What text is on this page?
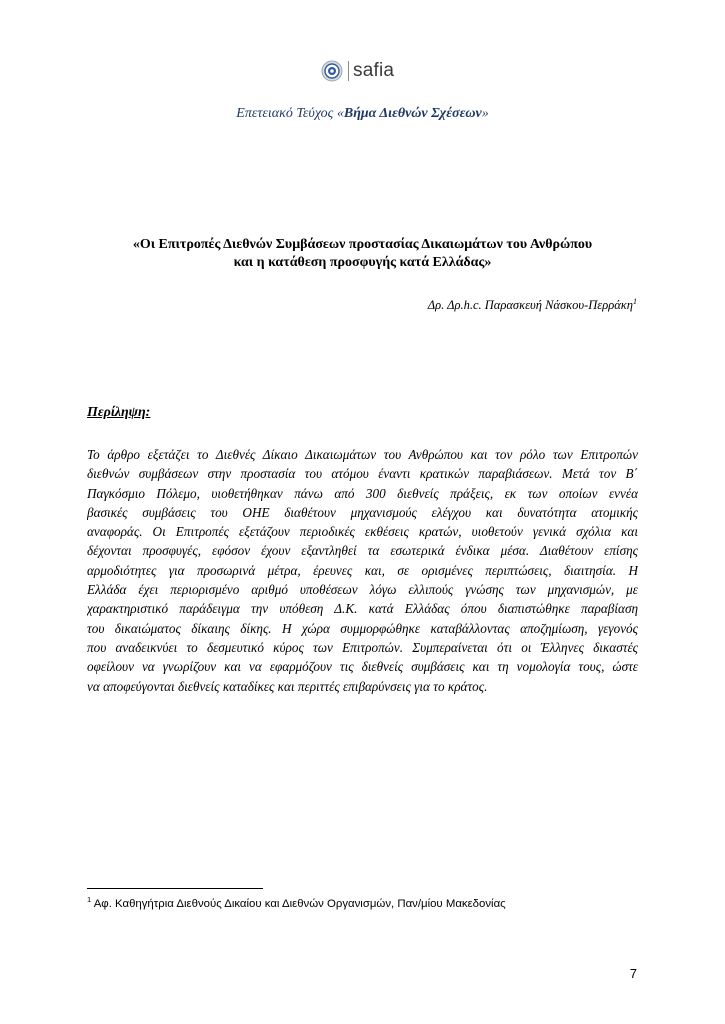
safia
Επετειακό Τεύχος «Βήμα Διεθνών Σχέσεων»
«Οι Επιτροπές Διεθνών Συμβάσεων προστασίας Δικαιωμάτων του Ανθρώπου
και η κατάθεση προσφυγής κατά Ελλάδας»
Δρ. Δρ.h.c. Παρασκευή Νάσκου-Περράκη$^1$
Περίληψη:
Το άρθρο εξετάζει το Διεθνές Δίκαιο Δικαιωμάτων του Ανθρώπου και τον ρόλο των Επιτροπών
διεθνών συμβάσεων στην προστασία του ατόμου έναντι κρατικών παραβιάσεων. Μετά τον Β΄
Παγκόσμιο Πόλεμο, υιοθετήθηκαν πάνω από 300 διεθνείς πράξεις, εκ των οποίων εννέα
βασικές συμβάσεις του ΟΗΕ διαθέτουν μηχανισμούς ελέγχου και δυνατότητα ατομικής
αναφοράς. Οι Επιτροπές εξετάζουν περιοδικές εκθέσεις κρατών, υιοθετούν γενικά σχόλια και
δέχονται προσφυγές, εφόσον έχουν εξαντληθεί τα εσωτερικά ένδικα μέσα. Διαθέτουν επίσης
αρμοδιότητες για προσωρινά μέτρα, έρευνες και, σε ορισμένες περιπτώσεις, διαιτησία. Η
Ελλάδα έχει περιορισμένο αριθμό υποθέσεων λόγω ελλιπούς γνώσης των μηχανισμών, με
χαρακτηριστικό παράδειγμα την υπόθεση Δ.Κ. κατά Ελλάδας όπου διαπιστώθηκε παραβίαση
του δικαιώματος δίκαιης δίκης. Η χώρα συμμορφώθηκε καταβάλλοντας αποζημίωση, γεγονός
που αναδεικνύει το δεσμευτικό κύρος των Επιτροπών. Συμπεραίνεται ότι οι Έλληνες δικαστές
οφείλουν να γνωρίζουν και να εφαρμόζουν τις διεθνείς συμβάσεις και τη νομολογία τους, ώστε
να αποφεύγονται διεθνείς καταδίκες και περιττές επιβαρύνσεις για το κράτος.
$^1$ Αφ. Καθηγήτρια Διεθνούς Δικαίου και Διεθνών Οργανισμών, Παν/μίου Μακεδονίας
7
